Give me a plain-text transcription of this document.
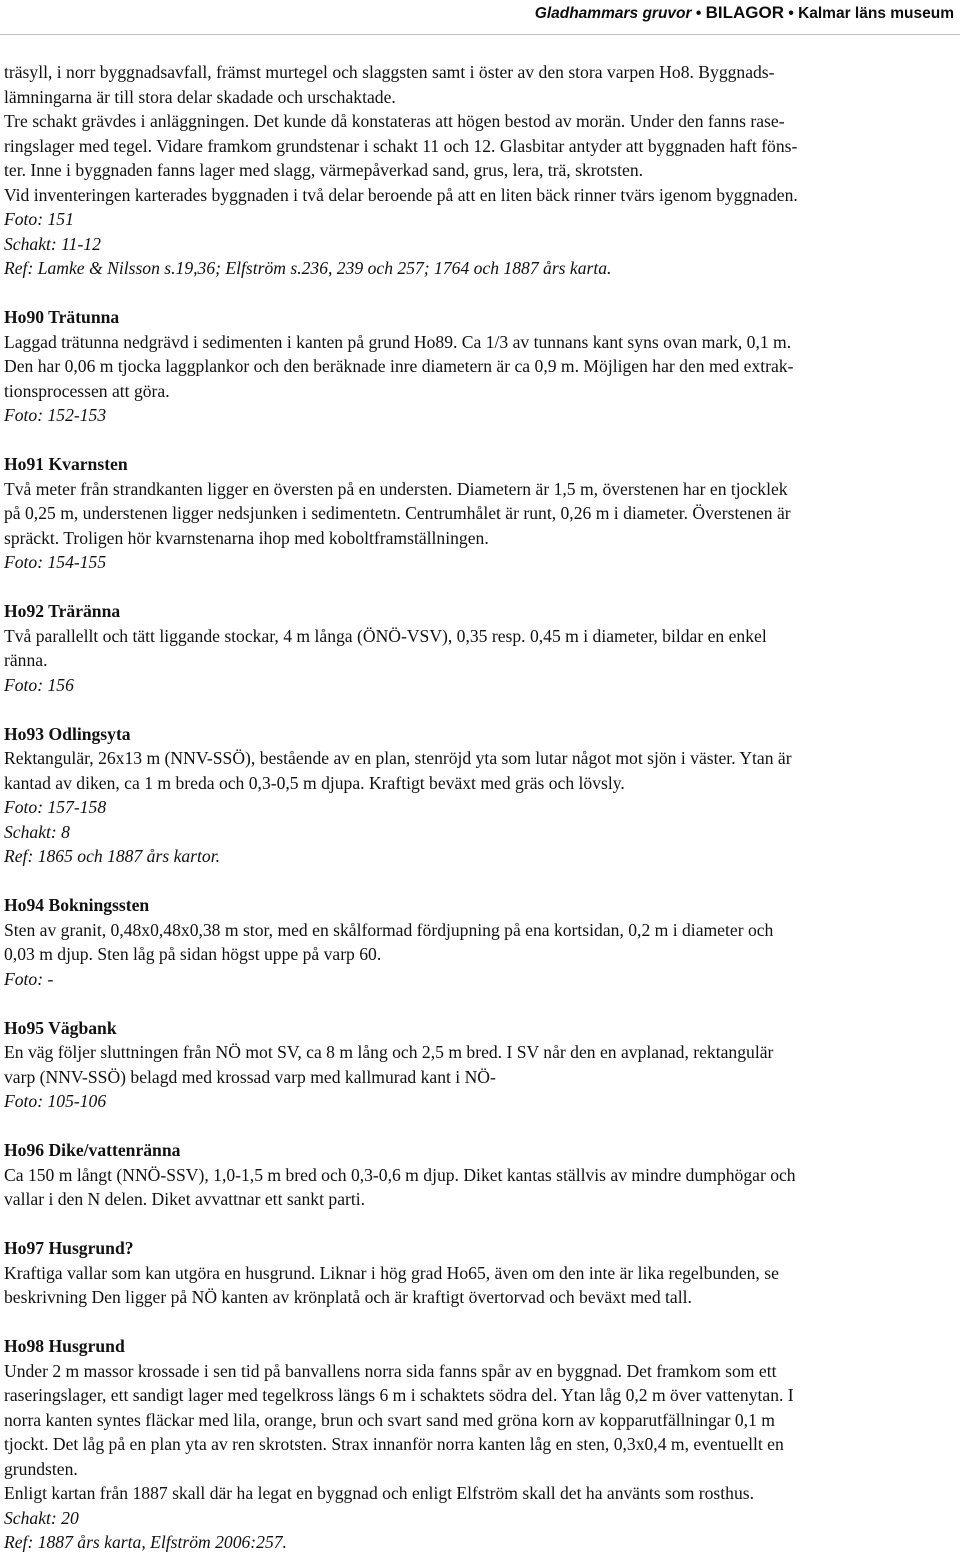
Gladhammars gruvor • BILAGOR • Kalmar läns museum

träsyll, i norr byggnadsavfall, främst murtegel och slaggsten samt i öster av den stora varpen Ho8. Byggnads-

lämningarna är till stora delar skadade och urschaktade.

Tre schakt grävdes i anläggningen. Det kunde då konstateras att högen bestod av morän. Under den fanns rase-

ringslager med tegel. Vidare framkom grundstenar i schakt 11 och 12. Glasbitar antyder att byggnaden haft föns-

ter. Inne i byggnaden fanns lager med slagg, värmepåverkad sand, grus, lera, trä, skrotsten.

Vid inventeringen karterades byggnaden i två delar beroende på att en liten bäck rinner tvärs igenom byggnaden.

Foto: 151

Schakt: 11-12

Ref: Lamke & Nilsson s.19,36; Elfström s.236, 239 och 257; 1764 och 1887 års karta.

Ho90 Trätunna

Laggad trätunna nedgrävd i sedimenten i kanten på grund Ho89. Ca 1/3 av tunnans kant syns ovan mark, 0,1 m.

Den har 0,06 m tjocka laggplankor och den beräknade inre diametern är ca 0,9 m. Möjligen har den med extrak-

tionsprocessen att göra.

Foto: 152-153

Ho91 Kvarnsten

Två meter från strandkanten ligger en översten på en understen. Diametern är 1,5 m, överstenen har en tjocklek

på 0,25 m, understenen ligger nedsjunken i sedimentetn. Centrumhålet är runt, 0,26 m i diameter. Överstenen är

spräckt. Troligen hör kvarnstenarna ihop med koboltframställningen.

Foto: 154-155

Ho92 Träränna

Två parallellt och tätt liggande stockar, 4 m långa (ÖNÖ-VSV), 0,35 resp. 0,45 m i diameter, bildar en enkel

ränna.

Foto: 156

Ho93 Odlingsyta

Rektangulär, 26x13 m (NNV-SSÖ), bestående av en plan, stenröjd yta som lutar något mot sjön i väster. Ytan är

kantad av diken, ca 1 m breda och 0,3-0,5 m djupa. Kraftigt beväxt med gräs och lövsly.

Foto: 157-158

Schakt: 8

Ref: 1865 och 1887 års kartor.

Ho94 Bokningssten

Sten av granit, 0,48x0,48x0,38 m stor, med en skålformad fördjupning på ena kortsidan, 0,2 m i diameter och

0,03 m djup. Sten låg på sidan högst uppe på varp 60.

Foto: -

Ho95 Vägbank

En väg följer sluttningen från NÖ mot SV, ca 8 m lång och 2,5 m bred. I SV når den en avplanad, rektangulär

varp (NNV-SSÖ) belagd med krossad varp med kallmurad kant i NÖ-

Foto: 105-106

Ho96 Dike/vattenränna

Ca 150 m långt (NNÖ-SSV), 1,0-1,5 m bred och 0,3-0,6 m djup. Diket kantas ställvis av mindre dumphögar och

vallar i den N delen. Diket avvattnar ett sankt parti.

Ho97 Husgrund?

Kraftiga vallar som kan utgöra en husgrund. Liknar i hög grad Ho65, även om den inte är lika regelbunden, se

beskrivning Den ligger på NÖ kanten av krönplatå och är kraftigt övertorvad och beväxt med tall.

Ho98 Husgrund

Under 2 m massor krossade i sen tid på banvallens norra sida fanns spår av en byggnad. Det framkom som ett

raseringslager, ett sandigt lager med tegelkross längs 6 m i schaktets södra del. Ytan låg 0,2 m över vattenytan. I

norra kanten syntes fläckar med lila, orange, brun och svart sand med gröna korn av kopparutfällningar 0,1 m

tjockt. Det låg på en plan yta av ren skrotsten. Strax innanför norra kanten låg en sten, 0,3x0,4 m, eventuellt en

grundsten.

Enligt kartan från 1887 skall där ha legat en byggnad och enligt Elfström skall det ha använts som rosthus.

Schakt: 20

Ref: 1887 års karta, Elfström 2006:257.
